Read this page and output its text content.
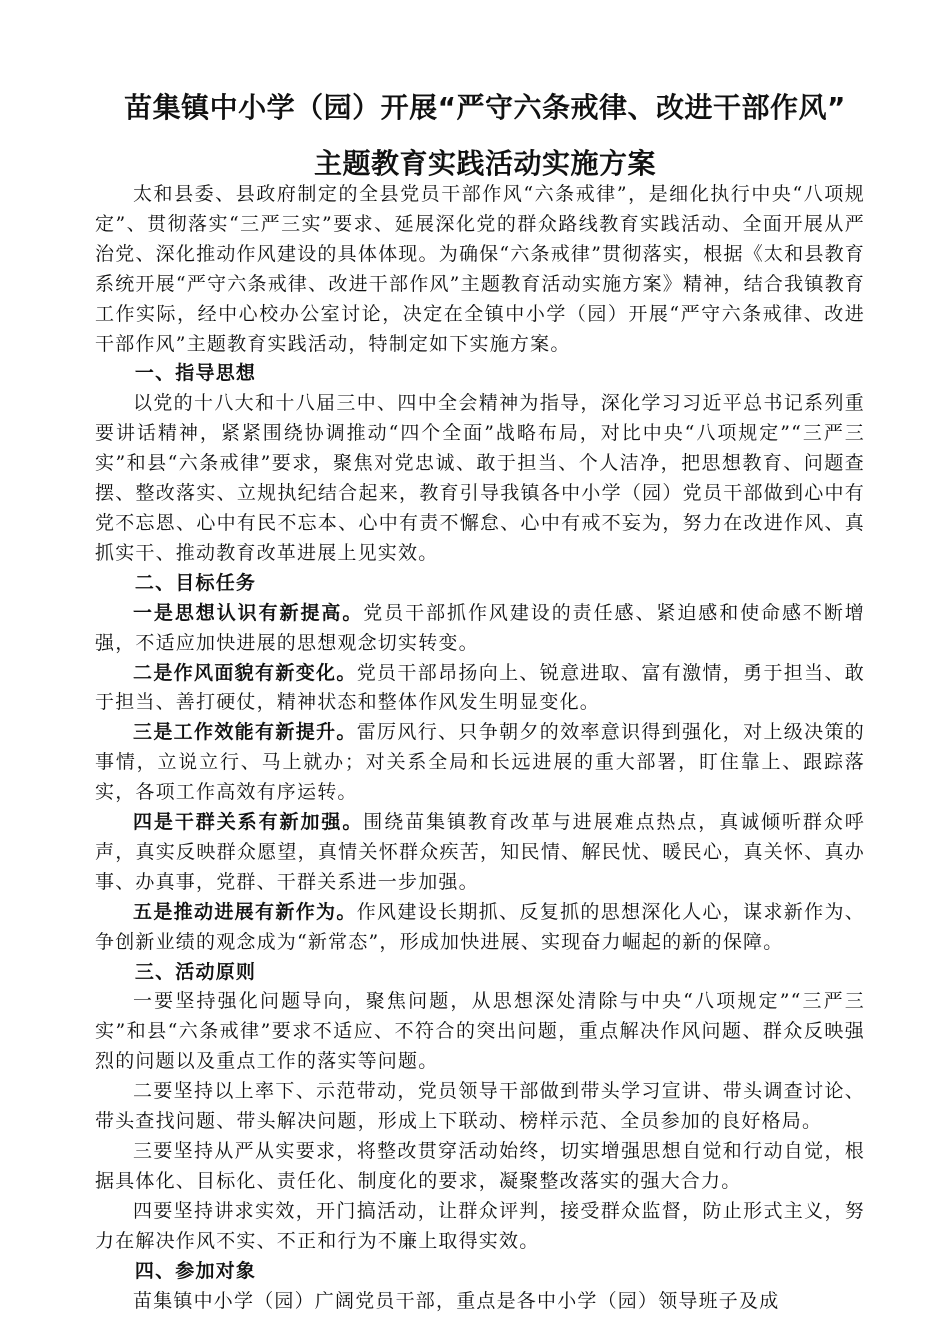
苗集镇中小学（园）开展“严守六条戒律、改进干部作风”
主题教育实践活动实施方案

太和县委、县政府制定的全县党员干部作风“六条戒律”，是细化执行中央“八项规定”、贯彻落实“三严三实”要求、延展深化党的群众路线教育实践活动、全面开展从严治党、深化推动作风建设的具体体现。为确保“六条戒律”贯彻落实，根据《太和县教育系统开展“严守六条戒律、改进干部作风”主题教育活动实施方案》精神，结合我镇教育工作实际，经中心校办公室讨论，决定在全镇中小学（园）开展“严守六条戒律、改进干部作风”主题教育实践活动，特制定如下实施方案。

一、指导思想

以党的十八大和十八届三中、四中全会精神为指导，深化学习习近平总书记系列重要讲话精神，紧紧围绕协调推动“四个全面”战略布局，对比中央“八项规定”“三严三实”和县“六条戒律”要求，聚焦对党忠诚、敢于担当、个人洁净，把思想教育、问题查摆、整改落实、立规执纪结合起来，教育引导我镇各中小学（园）党员干部做到心中有党不忘恩、心中有民不忘本、心中有责不懈怠、心中有戒不妄为，努力在改进作风、真抓实干、推动教育改革进展上见实效。

二、目标任务

一是思想认识有新提高。党员干部抓作风建设的责任感、紧迫感和使命感不断增强，不适应加快进展的思想观念切实转变。

二是作风面貌有新变化。党员干部昂扬向上、锐意进取、富有激情，勇于担当、敢于担当、善打硬仗，精神状态和整体作风发生明显变化。

三是工作效能有新提升。雷厉风行、只争朝夕的效率意识得到强化，对上级决策的事情，立说立行、马上就办；对关系全局和长远进展的重大部署，盯住靠上、跟踪落实，各项工作高效有序运转。

四是干群关系有新加强。围绕苗集镇教育改革与进展难点热点，真诚倾听群众呼声，真实反映群众愿望，真情关怀群众疾苦，知民情、解民忧、暖民心，真关怀、真办事、办真事，党群、干群关系进一步加强。

五是推动进展有新作为。作风建设长期抓、反复抓的思想深化人心，谋求新作为、争创新业绩的观念成为“新常态”，形成加快进展、实现奋力崛起的新的保障。

三、活动原则

一要坚持强化问题导向，聚焦问题，从思想深处清除与中央“八项规定”“三严三实”和县“六条戒律”要求不适应、不符合的突出问题，重点解决作风问题、群众反映强烈的问题以及重点工作的落实等问题。

二要坚持以上率下、示范带动，党员领导干部做到带头学习宣讲、带头调查讨论、带头查找问题、带头解决问题，形成上下联动、榜样示范、全员参加的良好格局。

三要坚持从严从实要求，将整改贯穿活动始终，切实增强思想自觉和行动自觉，根据具体化、目标化、责任化、制度化的要求，凝聚整改落实的强大合力。

四要坚持讲求实效，开门搞活动，让群众评判，接受群众监督，防止形式主义，努力在解决作风不实、不正和行为不廉上取得实效。

四、参加对象

苗集镇中小学（园）广阔党员干部，重点是各中小学（园）领导班子及成
